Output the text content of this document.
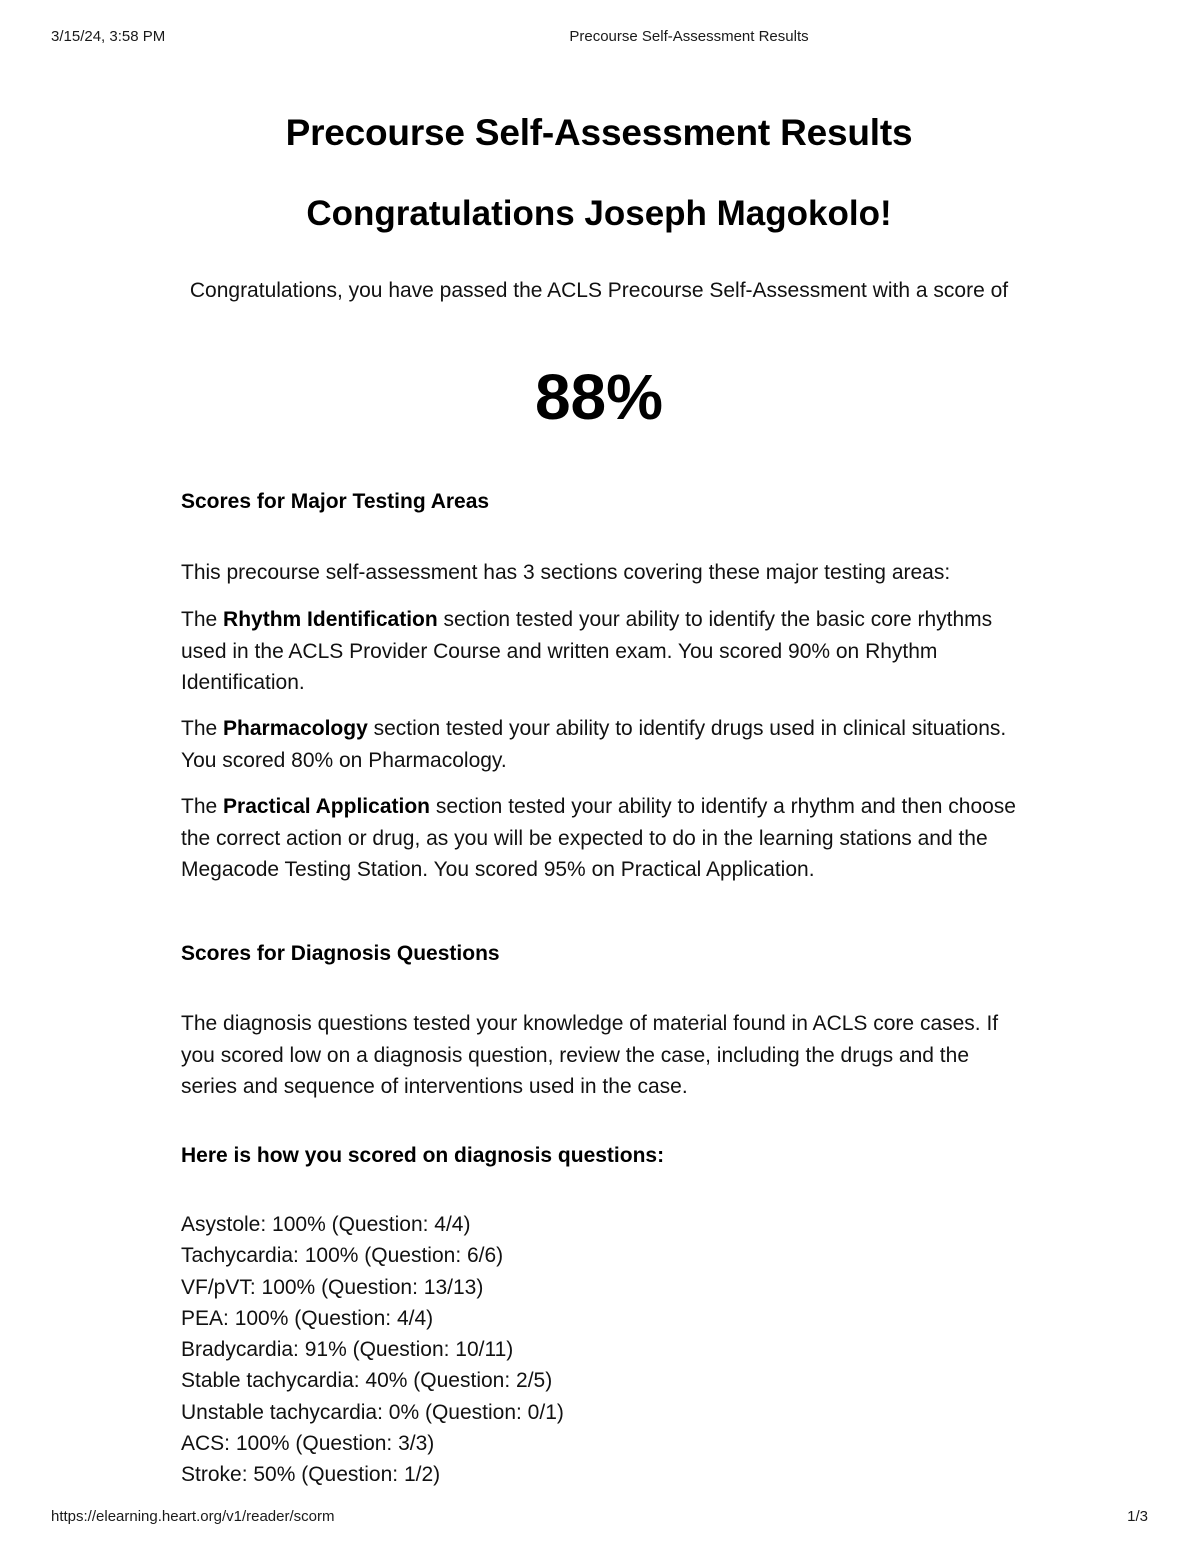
3/15/24, 3:58 PM	Precourse Self-Assessment Results
Precourse Self-Assessment Results
Congratulations Joseph Magokolo!

Congratulations, you have passed the ACLS Precourse Self-Assessment with a score of

88%
Scores for Major Testing Areas

This precourse self-assessment has 3 sections covering these major testing areas:

The Rhythm Identification section tested your ability to identify the basic core rhythms used in the ACLS Provider Course and written exam. You scored 90% on Rhythm Identification.

The Pharmacology section tested your ability to identify drugs used in clinical situations. You scored 80% on Pharmacology.

The Practical Application section tested your ability to identify a rhythm and then choose the correct action or drug, as you will be expected to do in the learning stations and the Megacode Testing Station. You scored 95% on Practical Application.

Scores for Diagnosis Questions

The diagnosis questions tested your knowledge of material found in ACLS core cases. If you scored low on a diagnosis question, review the case, including the drugs and the series and sequence of interventions used in the case.

Here is how you scored on diagnosis questions:
Asystole: 100% (Question: 4/4)
Tachycardia: 100% (Question: 6/6)
VF/pVT: 100% (Question: 13/13)
PEA: 100% (Question: 4/4)
Bradycardia: 91% (Question: 10/11)
Stable tachycardia: 40% (Question: 2/5)
Unstable tachycardia: 0% (Question: 0/1)
ACS: 100% (Question: 3/3)
Stroke: 50% (Question: 1/2)
https://elearning.heart.org/v1/reader/scorm	1/3
